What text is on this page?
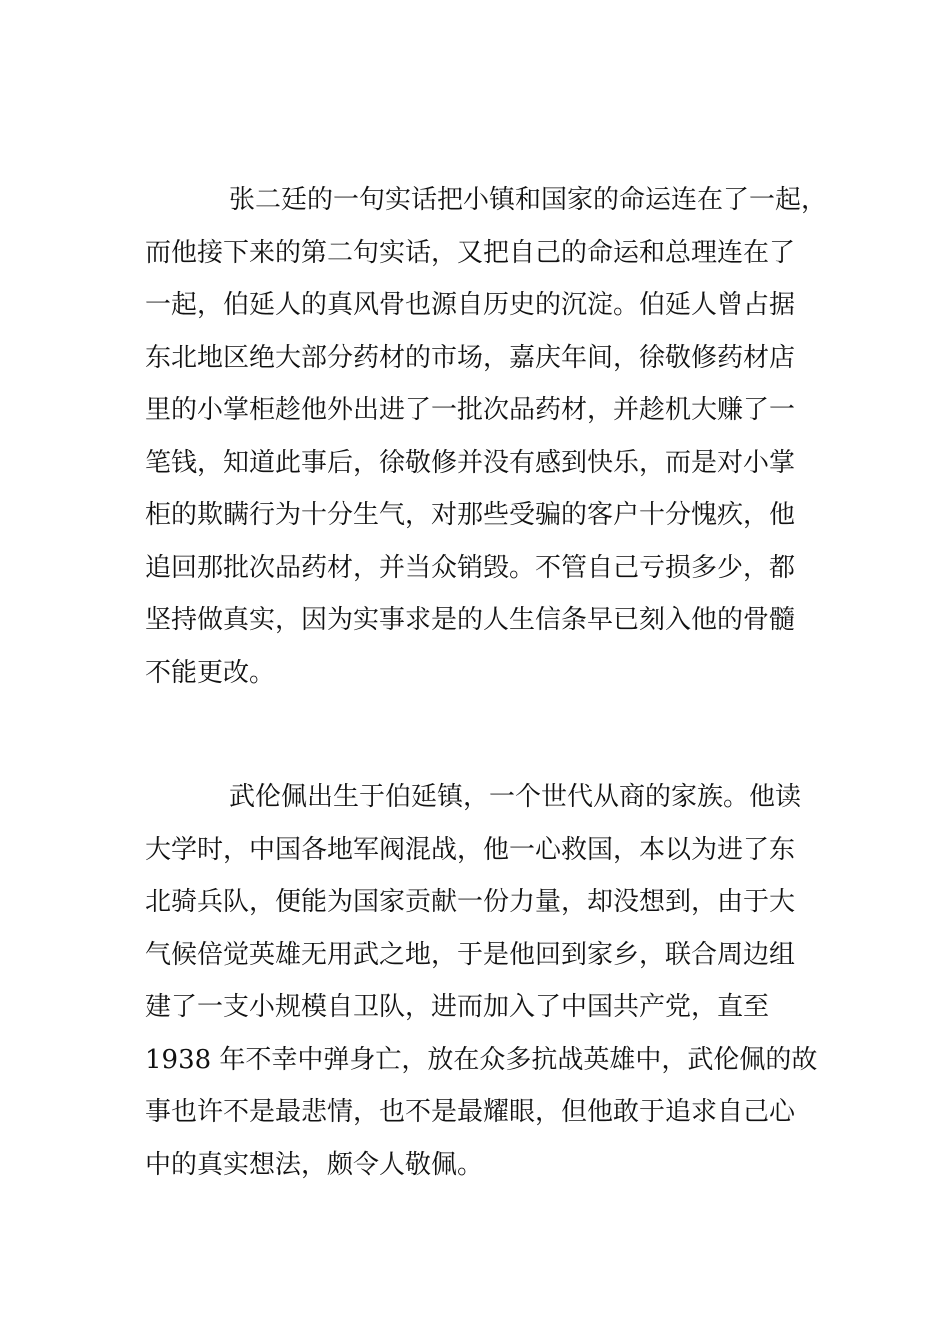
张二廷的一句实话把小镇和国家的命运连在了一起，
而他接下来的第二句实话，又把自己的命运和总理连在了
一起，伯延人的真风骨也源自历史的沉淀。伯延人曾占据
东北地区绝大部分药材的市场，嘉庆年间，徐敬修药材店
里的小掌柜趁他外出进了一批次品药材，并趁机大赚了一
笔钱，知道此事后，徐敬修并没有感到快乐，而是对小掌
柜的欺瞒行为十分生气，对那些受骗的客户十分愧疚，他
追回那批次品药材，并当众销毁。不管自己亏损多少，都
坚持做真实，因为实事求是的人生信条早已刻入他的骨髓
不能更改。

武伦佩出生于伯延镇，一个世代从商的家族。他读
大学时，中国各地军阀混战，他一心救国，本以为进了东
北骑兵队，便能为国家贡献一份力量，却没想到，由于大
气候倍觉英雄无用武之地，于是他回到家乡，联合周边组
建了一支小规模自卫队，进而加入了中国共产党，直至
1938 年不幸中弹身亡，放在众多抗战英雄中，武伦佩的故
事也许不是最悲情，也不是最耀眼，但他敢于追求自己心
中的真实想法，颇令人敬佩。
